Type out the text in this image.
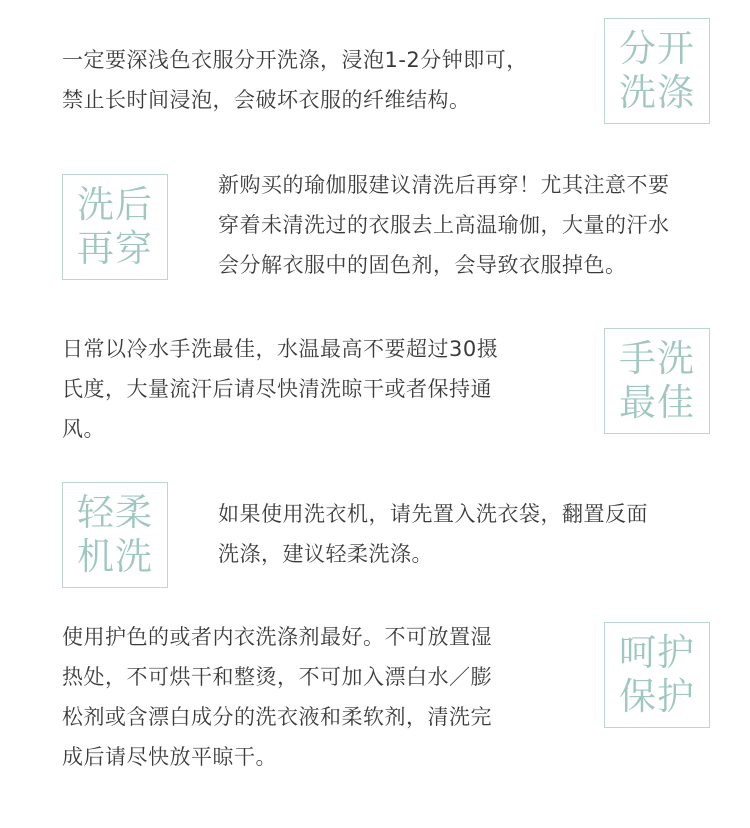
一定要深浅色衣服分开洗涤，浸泡1-2分钟即可，
禁止长时间浸泡，会破坏衣服的纤维结构。

分开
洗涤
洗后
再穿

新购买的瑜伽服建议清洗后再穿！尤其注意不要
穿着未清洗过的衣服去上高温瑜伽，大量的汗水
会分解衣服中的固色剂，会导致衣服掉色。

日常以冷水手洗最佳，水温最高不要超过30摄
氏度，大量流汗后请尽快清洗晾干或者保持通
风。

手洗
最佳
轻柔
机洗

如果使用洗衣机，请先置入洗衣袋，翻置反面
洗涤，建议轻柔洗涤。

使用护色的或者内衣洗涤剂最好。不可放置湿
热处，不可烘干和整烫，不可加入漂白水／膨
松剂或含漂白成分的洗衣液和柔软剂，清洗完
成后请尽快放平晾干。

呵护
保护
